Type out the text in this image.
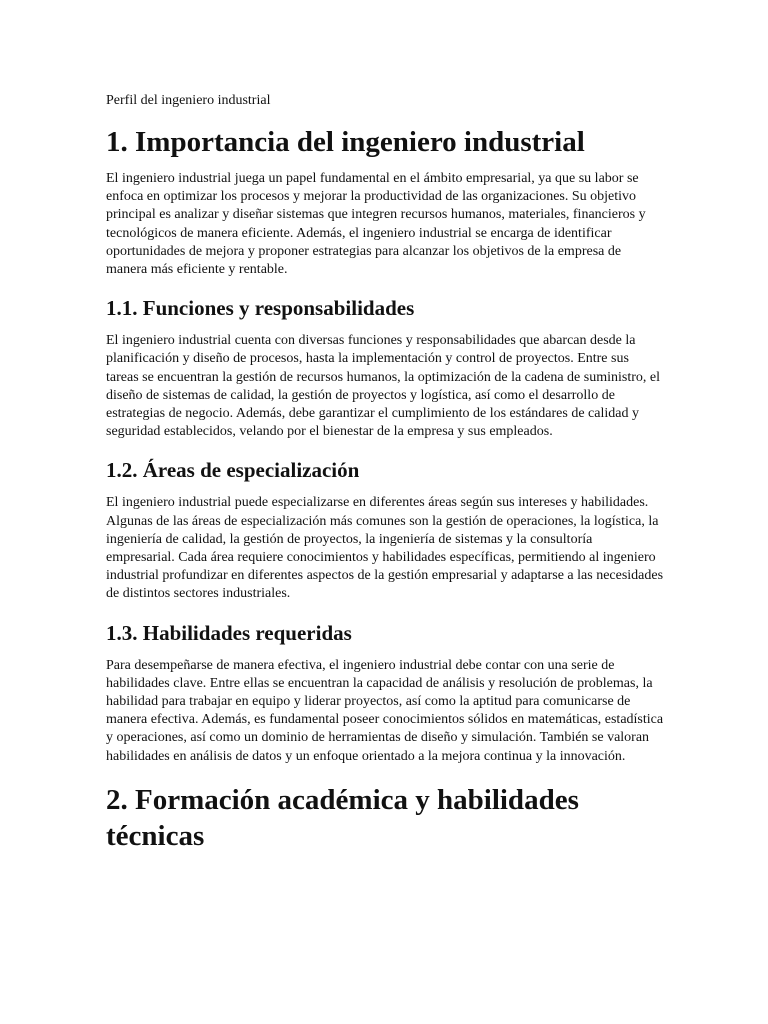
Perfil del ingeniero industrial
1. Importancia del ingeniero industrial

El ingeniero industrial juega un papel fundamental en el ámbito empresarial, ya que su labor se enfoca en optimizar los procesos y mejorar la productividad de las organizaciones. Su objetivo principal es analizar y diseñar sistemas que integren recursos humanos, materiales, financieros y tecnológicos de manera eficiente. Además, el ingeniero industrial se encarga de identificar oportunidades de mejora y proponer estrategias para alcanzar los objetivos de la empresa de manera más eficiente y rentable.

1.1. Funciones y responsabilidades

El ingeniero industrial cuenta con diversas funciones y responsabilidades que abarcan desde la planificación y diseño de procesos, hasta la implementación y control de proyectos. Entre sus tareas se encuentran la gestión de recursos humanos, la optimización de la cadena de suministro, el diseño de sistemas de calidad, la gestión de proyectos y logística, así como el desarrollo de estrategias de negocio. Además, debe garantizar el cumplimiento de los estándares de calidad y seguridad establecidos, velando por el bienestar de la empresa y sus empleados.

1.2. Áreas de especialización

El ingeniero industrial puede especializarse en diferentes áreas según sus intereses y habilidades. Algunas de las áreas de especialización más comunes son la gestión de operaciones, la logística, la ingeniería de calidad, la gestión de proyectos, la ingeniería de sistemas y la consultoría empresarial. Cada área requiere conocimientos y habilidades específicas, permitiendo al ingeniero industrial profundizar en diferentes aspectos de la gestión empresarial y adaptarse a las necesidades de distintos sectores industriales.

1.3. Habilidades requeridas

Para desempeñarse de manera efectiva, el ingeniero industrial debe contar con una serie de habilidades clave. Entre ellas se encuentran la capacidad de análisis y resolución de problemas, la habilidad para trabajar en equipo y liderar proyectos, así como la aptitud para comunicarse de manera efectiva. Además, es fundamental poseer conocimientos sólidos en matemáticas, estadística y operaciones, así como un dominio de herramientas de diseño y simulación. También se valoran habilidades en análisis de datos y un enfoque orientado a la mejora continua y la innovación.

2. Formación académica y habilidades técnicas
